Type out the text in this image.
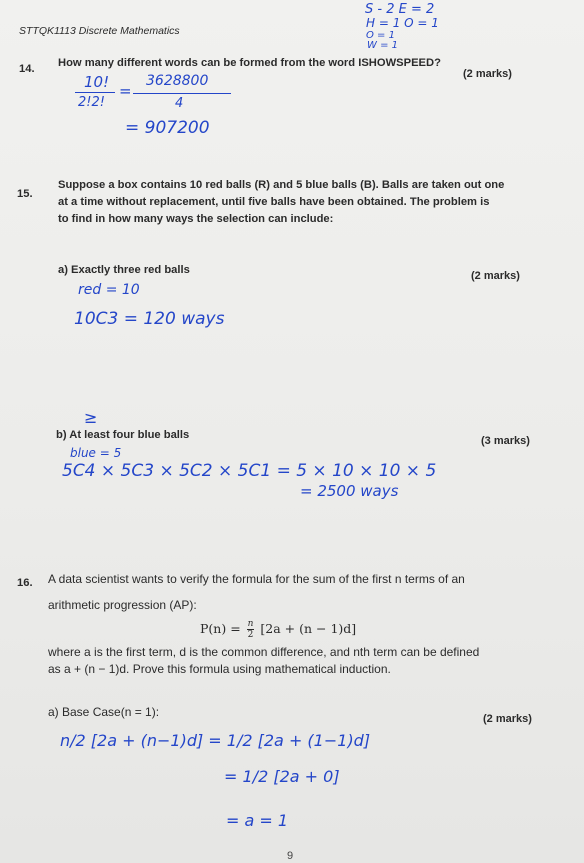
STTQK1113 Discrete Mathematics
S - 2 E = 2
H = 1 O = 1
O = 1
W = 1
14. How many different words can be formed from the word ISHOWSPEED?
(2 marks)
10!
2!2!
=
3628800
4
= 907200
15.
Suppose a box contains 10 red balls (R) and 5 blue balls (B). Balls are taken out one
at a time without replacement, until five balls have been obtained. The problem is
to find in how many ways the selection can include:
a) Exactly three red balls	(2 marks)
red = 10
10C3 = 120 ways
≥
b) At least four blue balls	(3 marks)
blue = 5
5C4 × 5C3 × 5C2 × 5C1 = 5 × 10 × 10 × 5
= 2500 ways
16. A data scientist wants to verify the formula for the sum of the first n terms of an
arithmetic progression (AP):
$P(n) = \frac{n}{2} [2a + (n - 1)d]$
where a is the first term, d is the common difference, and nth term can be defined
as a + (n − 1)d. Prove this formula using mathematical induction.
a) Base Case(n = 1):	(2 marks)
n/2 [2a + (n−1)d] = 1/2 [2a + (1−1)d]
= 1/2 [2a + 0]
= a = 1
9
